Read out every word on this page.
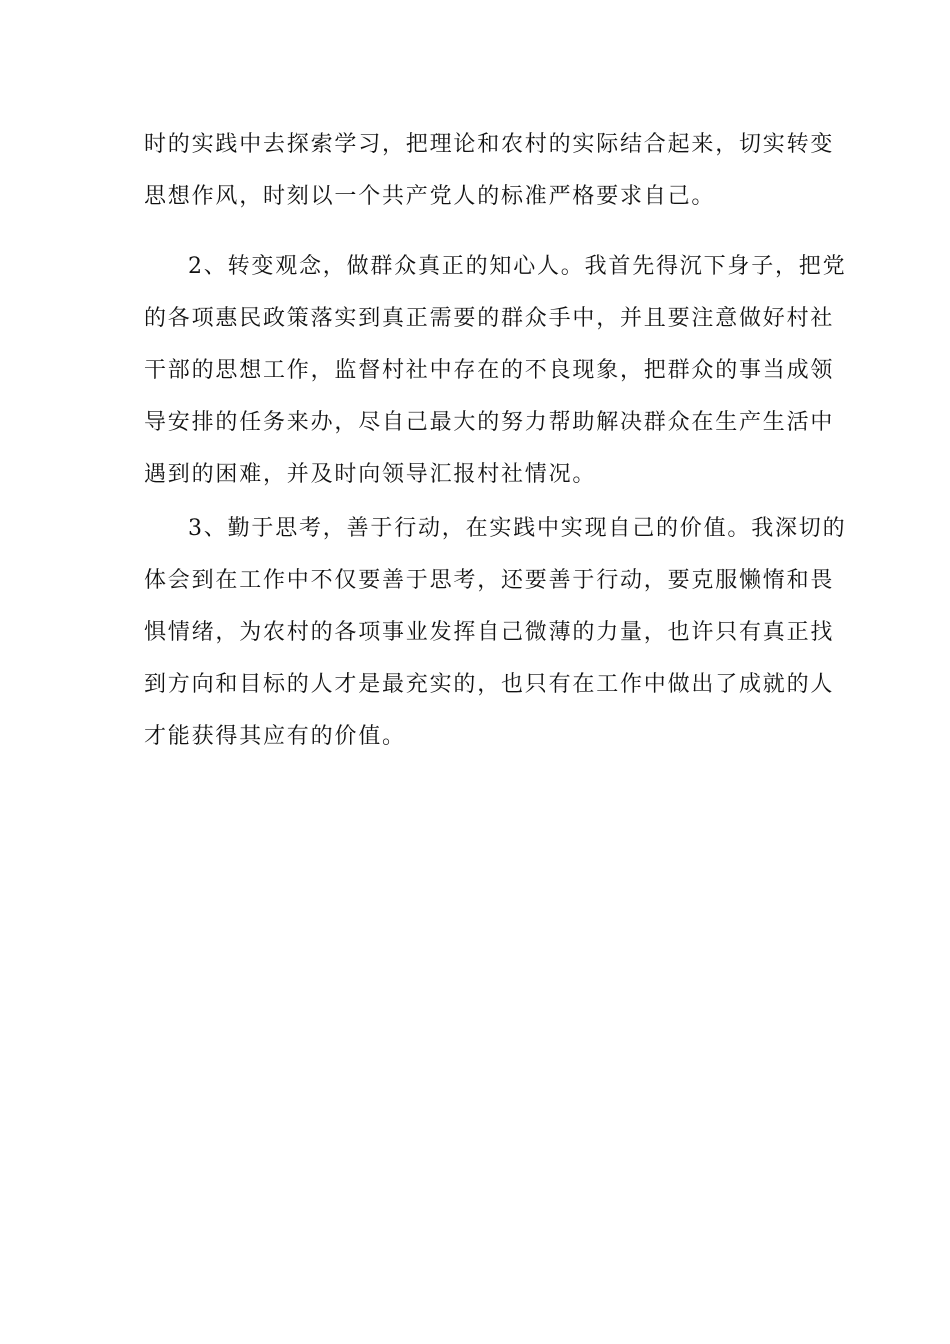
时的实践中去探索学习，把理论和农村的实际结合起来，切实转变
思想作风，时刻以一个共产党人的标准严格要求自己。
2、转变观念，做群众真正的知心人。我首先得沉下身子，把党
的各项惠民政策落实到真正需要的群众手中，并且要注意做好村社
干部的思想工作，监督村社中存在的不良现象，把群众的事当成领
导安排的任务来办，尽自己最大的努力帮助解决群众在生产生活中
遇到的困难，并及时向领导汇报村社情况。
3、勤于思考，善于行动，在实践中实现自己的价值。我深切的
体会到在工作中不仅要善于思考，还要善于行动，要克服懒惰和畏
惧情绪，为农村的各项事业发挥自己微薄的力量，也许只有真正找
到方向和目标的人才是最充实的，也只有在工作中做出了成就的人
才能获得其应有的价值。
